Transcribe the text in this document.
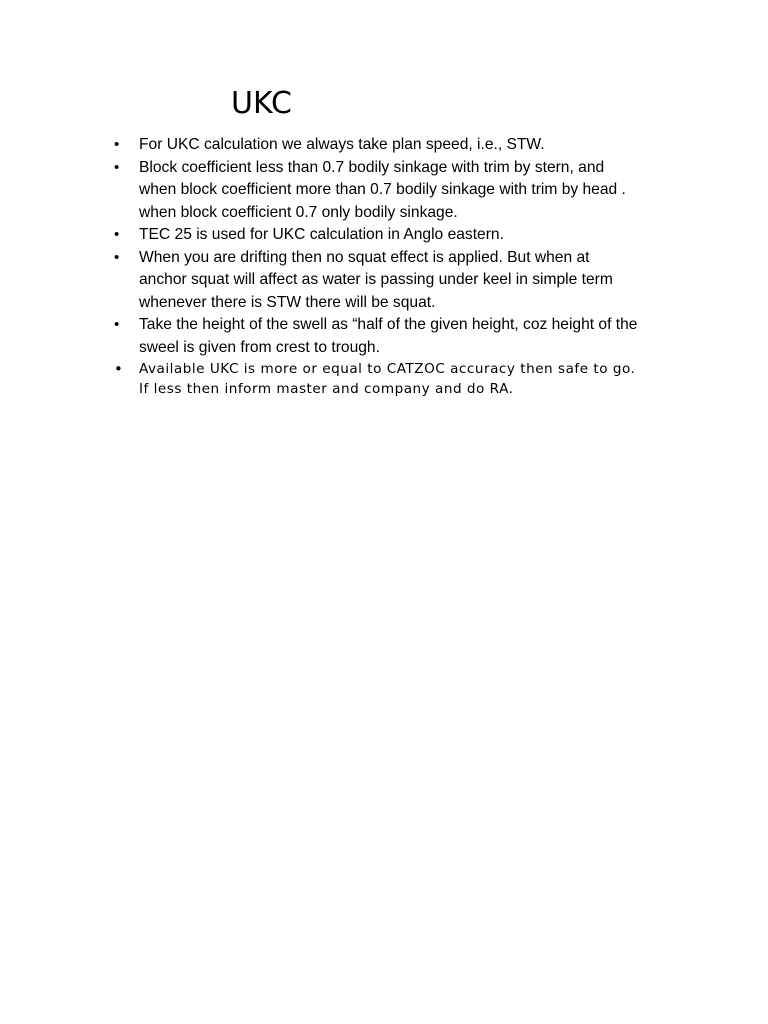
UKC
• For UKC calculation we always take plan speed, i.e., STW.
• Block coefficient less than 0.7 bodily sinkage with trim by stern, and
when block coefficient more than 0.7 bodily sinkage with trim by head .
when block coefficient 0.7 only bodily sinkage.
• TEC 25 is used for UKC calculation in Anglo eastern.
• When you are drifting then no squat effect is applied. But when at
anchor squat will affect as water is passing under keel in simple term
whenever there is STW there will be squat.
• Take the height of the swell as “half of the given height, coz height of the
sweel is given from crest to trough.
• Available UKC is more or equal to CATZOC accuracy then safe to go.
If less then inform master and company and do RA.
